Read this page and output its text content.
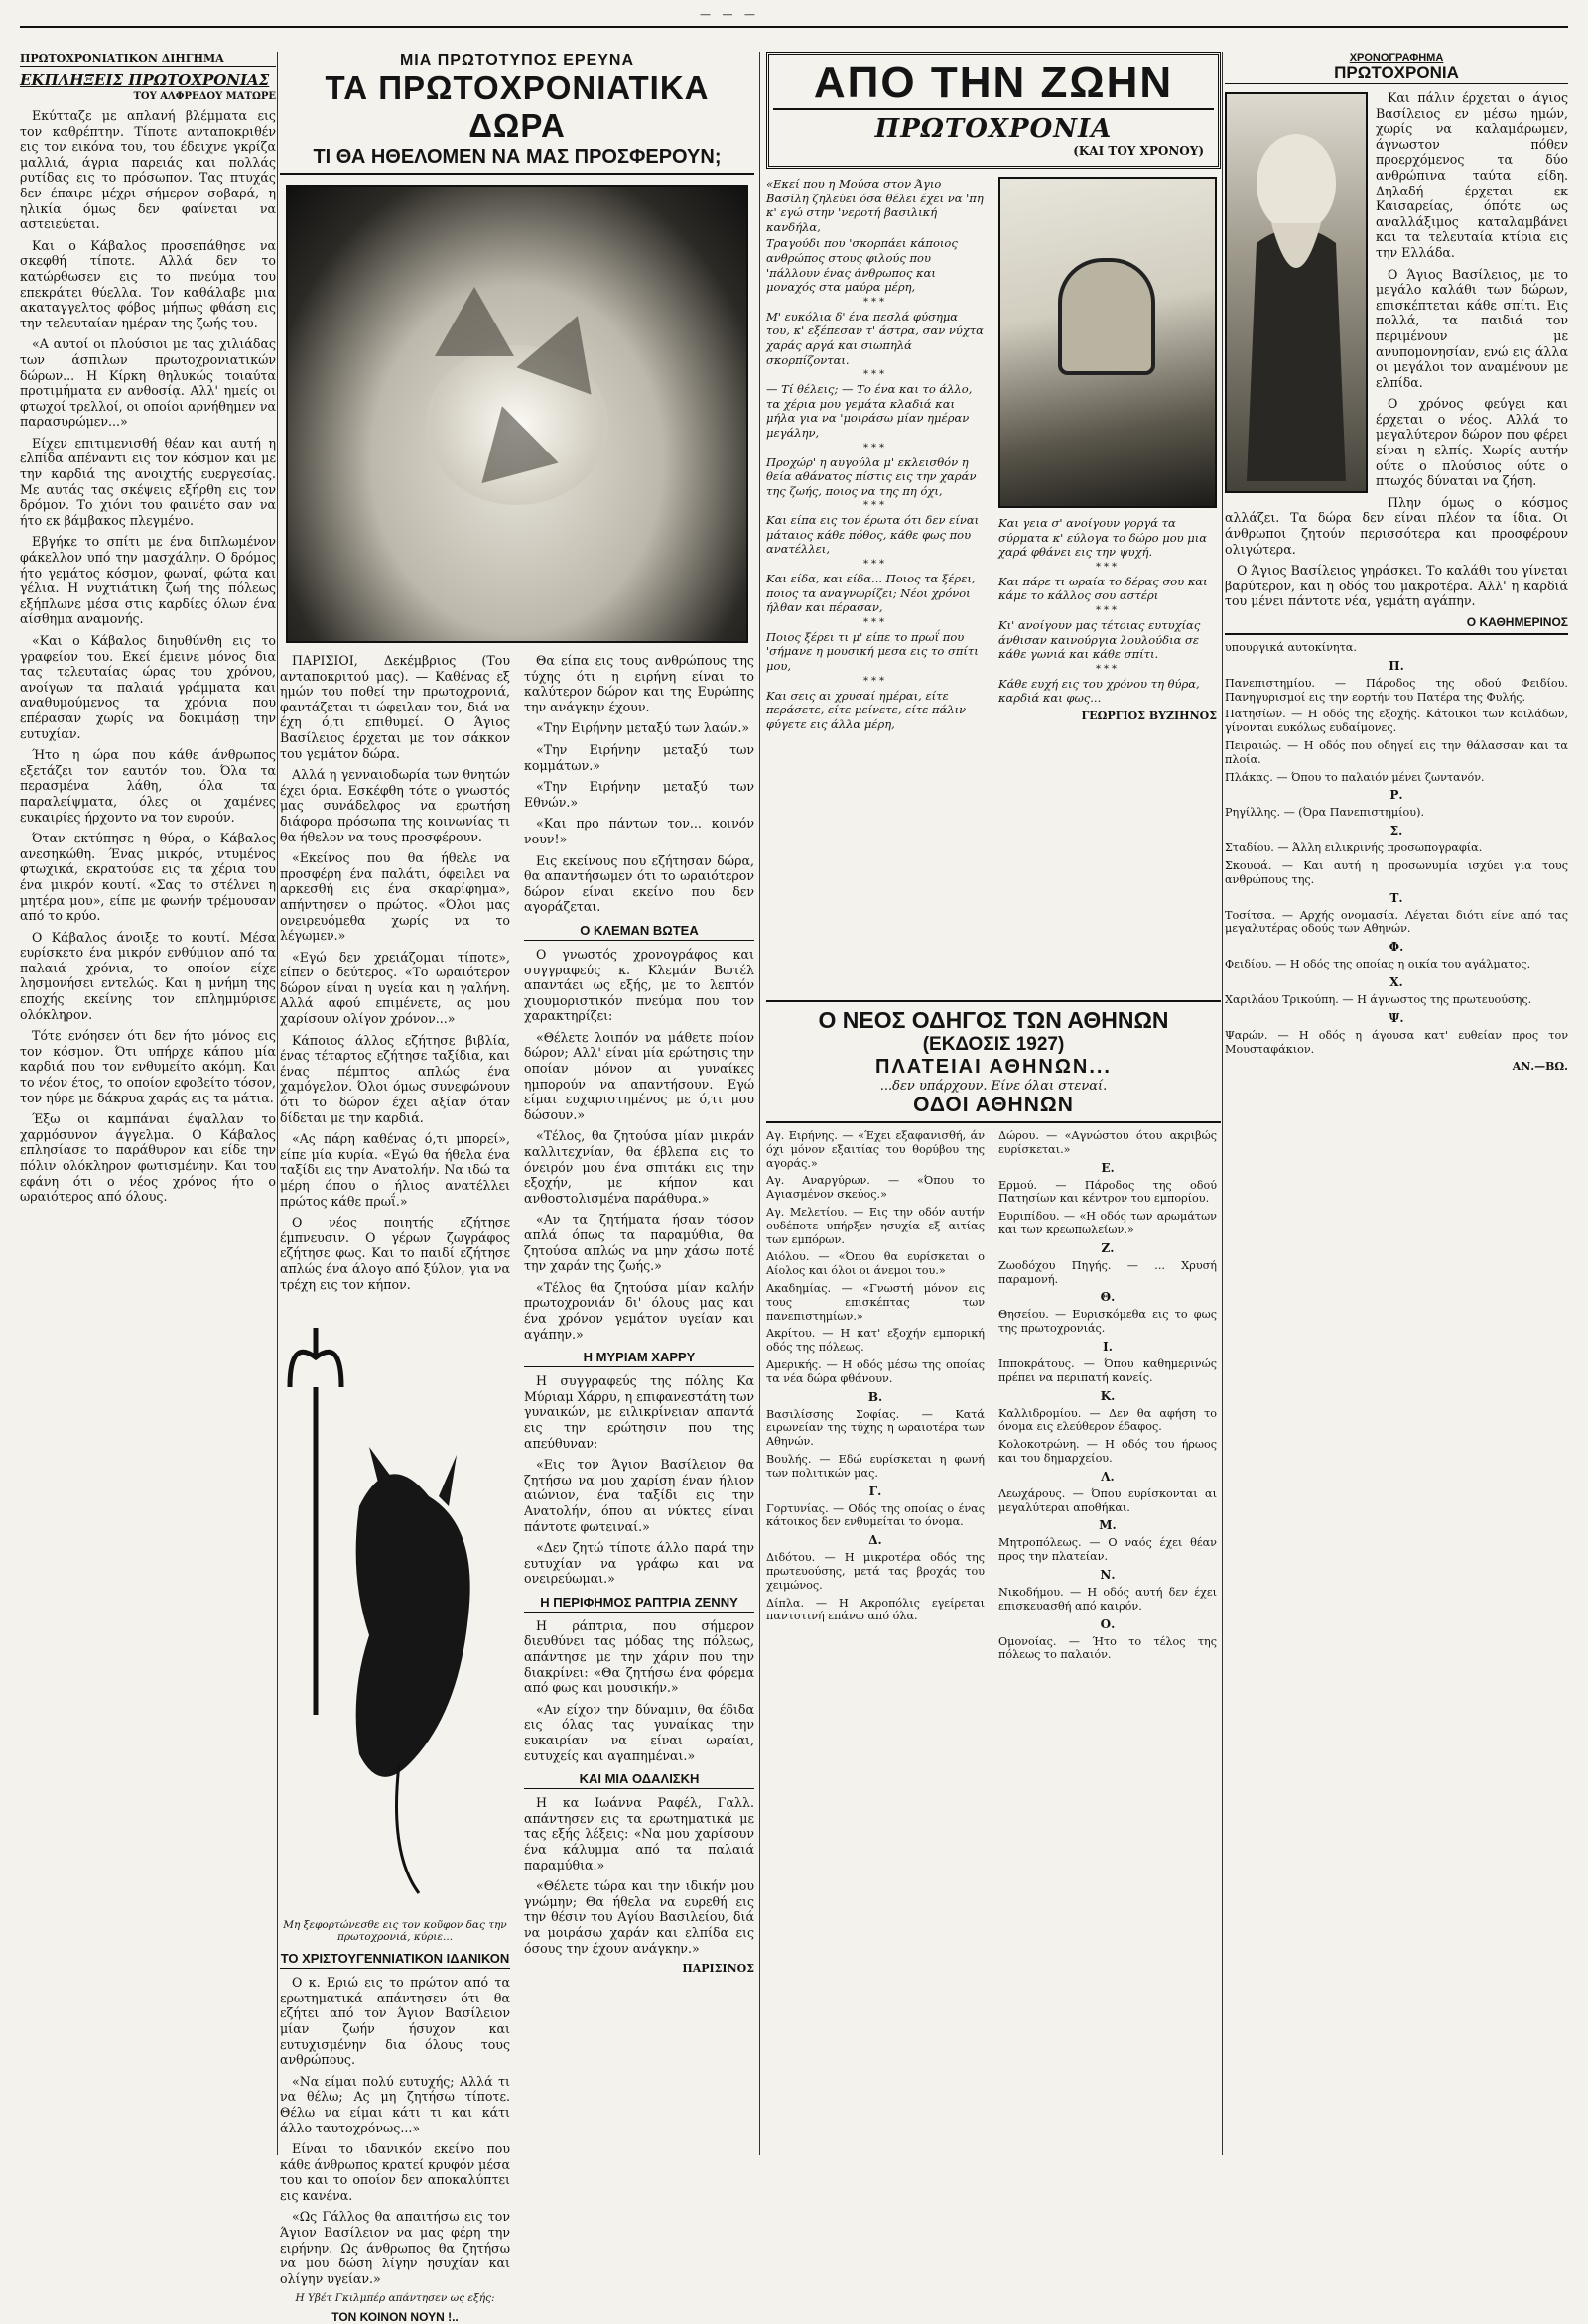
— — —
ΠΡΩΤΟΧΡΟΝΙΑΤΙΚΟΝ ΔΙΗΓΗΜΑ
ΕΚΠΛΗΞΕΙΣ ΠΡΩΤΟΧΡΟΝΙΑΣ
ΤΟΥ ΑΛΦΡΕΔΟΥ ΜΑΤΩΡΕ

Εκύτταζε με απλανή βλέμματα εις τον καθρέπτην. Τίποτε ανταποκριθέν εις τον εικόνα του, του έδειχνε γκρίζα μαλλιά, άγρια παρειάς και πολλάς ρυτίδας εις το πρόσωπον. Τας πτυχάς δεν έπαιρε μέχρι σήμερον σοβαρά, η ηλικία όμως δεν φαίνεται να αστειεύεται.

Και ο Κάβαλος προσεπάθησε να σκεφθή τίποτε. Αλλά δεν το κατώρθωσεν εις το πνεύμα του επεκράτει θύελλα. Τον καθάλαβε μια ακαταγγελτος φόβος μήπως φθάση εις την τελευταίαν ημέραν της ζωής του.

«Α αυτοί οι πλούσιοι με τας χιλιάδας των άσπιλων πρωτοχρονιατικών δώρων... Η Κίρκη θηλυκώς τοιαύτα προτιμήματα εν ανθοσίᾳ. Αλλ' ημείς οι φτωχοί τρελλοί, οι οποίοι αρνήθημεν να παρασυρώμεν...»

Είχεν επιτιμενισθή θέαν και αυτή η ελπίδα απέναντι εις τον κόσμον και με την καρδιά της ανοιχτής ευεργεσίας. Με αυτάς τας σκέψεις εξήρθη εις τον δρόμον. Το χιόνι του φαινέτο σαν να ήτο εκ βάμβακος πλεγμένο.

Εβγήκε το σπίτι με ένα διπλωμένον φάκελλον υπό την μασχάλην. Ο δρόμος ήτο γεμάτος κόσμον, φωναί, φώτα και γέλια. Η νυχτιάτικη ζωή της πόλεως εξήπλωνε μέσα στις καρδίες όλων ένα αίσθημα αναμονής.

«Και ο Κάβαλος διηυθύνθη εις το γραφείον του. Εκεί έμεινε μόνος δια τας τελευταίας ώρας του χρόνου, ανοίγων τα παλαιά γράμματα και αναθυμούμενος τα χρόνια που επέρασαν χωρίς να δοκιμάσῃ την ευτυχίαν.

Ήτο η ώρα που κάθε άνθρωπος εξετάζει τον εαυτόν του. Όλα τα περασμένα λάθη, όλα τα παραλείψματα, όλες οι χαμένες ευκαιρίες ήρχοντο να τον ευρούν.

Όταν εκτύπησε η θύρα, ο Κάβαλος ανεσηκώθη. Ένας μικρός, ντυμένος φτωχικά, εκρατούσε εις τα χέρια του ένα μικρόν κουτί. «Σας το στέλνει η μητέρα μου», είπε με φωνήν τρέμουσαν από το κρύο.

Ο Κάβαλος άνοιξε το κουτί. Μέσα ευρίσκετο ένα μικρόν ενθύμιον από τα παλαιά χρόνια, το οποίον είχε λησμονήσει εντελώς. Και η μνήμη της εποχής εκείνης τον επλημμύρισε ολόκληρον.

Τότε ενόησεν ότι δεν ήτο μόνος εις τον κόσμον. Ότι υπήρχε κάπου μία καρδιά που τον ενθυμείτο ακόμη. Και το νέον έτος, το οποίον εφοβείτο τόσον, τον ηύρε με δάκρυα χαράς εις τα μάτια.

Έξω οι καμπάναι έψαλλαν το χαρμόσυνον άγγελμα. Ο Κάβαλος επλησίασε το παράθυρον και είδε την πόλιν ολόκληρον φωτισμένην. Και του εφάνη ότι ο νέος χρόνος ήτο ο ωραιότερος από όλους.

ΜΙΑ ΠΡΩΤΟΤΥΠΟΣ ΕΡΕΥΝΑ
ΤΑ ΠΡΩΤΟΧΡΟΝΙΑΤΙΚΑ ΔΩΡΑ
ΤΙ ΘΑ ΗΘΕΛΟΜΕΝ ΝΑ ΜΑΣ ΠΡΟΣΦΕΡΟΥΝ;

ΠΑΡΙΣΙΟΙ, Δεκέμβριος (Του ανταποκριτού μας). — Καθένας εξ ημών του ποθεί την πρωτοχρονιά, φαντάζεται τι ώφειλαν τον, διά να έχη ό,τι επιθυμεί. Ο Άγιος Βασίλειος έρχεται με τον σάκκον του γεμάτον δώρα.

Αλλά η γενναιοδωρία των θνητών έχει όρια. Εσκέφθη τότε ο γνωστός μας συνάδελφος να ερωτήση διάφορα πρόσωπα της κοινωνίας τι θα ήθελον να τους προσφέρουν.

«Εκείνος που θα ήθελε να προσφέρη ένα παλάτι, όφειλει να αρκεσθή εις ένα σκαρίφημα», απήντησεν ο πρώτος. «Όλοι μας ονειρευόμεθα χωρίς να το λέγωμεν.»

«Εγώ δεν χρειάζομαι τίποτε», είπεν ο δεύτερος. «Το ωραιότερον δώρον είναι η υγεία και η γαλήνη. Αλλά αφού επιμένετε, ας μου χαρίσουν ολίγον χρόνον...»

Κάποιος άλλος εζήτησε βιβλία, ένας τέταρτος εζήτησε ταξίδια, και ένας πέμπτος απλώς ένα χαμόγελον. Όλοι όμως συνεφώνουν ότι το δώρον έχει αξίαν όταν δίδεται με την καρδιά.

«Ας πάρη καθένας ό,τι μπορεί», είπε μία κυρία. «Εγώ θα ήθελα ένα ταξίδι εις την Ανατολήν. Να ιδώ τα μέρη όπου ο ήλιος ανατέλλει πρώτος κάθε πρωΐ.»

Ο νέος ποιητής εζήτησε έμπνευσιν. Ο γέρων ζωγράφος εζήτησε φως. Και το παιδί εζήτησε απλώς ένα άλογο από ξύλον, για να τρέχη εις τον κήπον.

Μη ξεφορτώνεσθε εις τον κοῦφον δας την πρωτοχρονιά, κύριε...
ΤΟ ΧΡΙΣΤΟΥΓΕΝΝΙΑΤΙΚΟΝ ΙΔΑΝΙΚΟΝ

Ο κ. Εριώ εις το πρώτον από τα ερωτηματικά απάντησεν ότι θα εζήτει από τον Άγιον Βασίλειον μίαν ζωήν ήσυχον και ευτυχισμένην δια όλους τους ανθρώπους.

«Να είμαι πολύ ευτυχής; Αλλά τι να θέλω; Ας μη ζητήσω τίποτε. Θέλω να είμαι κάτι τι και κάτι άλλο ταυτοχρόνως...»

Είναι το ιδανικόν εκείνο που κάθε άνθρωπος κρατεί κρυφόν μέσα του και το οποίον δεν αποκαλύπτει εις κανένα.

«Ως Γάλλος θα απαιτήσω εις τον Άγιον Βασίλειον να μας φέρη την ειρήνην. Ως άνθρωπος θα ζητήσω να μου δώση λίγην ησυχίαν και ολίγην υγείαν.»

Η Υβέτ Γκιλμπέρ απάντησεν ως εξής:
ΤΟΝ ΚΟΙΝΟΝ ΝΟΥΝ !..

Θα είπα εις τους ανθρώπους της τύχης ότι η ειρήνη είναι το καλύτερον δώρον και της Ευρώπης την ανάγκην έχουν.

«Την Ειρήνην μεταξύ των λαών.»

«Την Ειρήνην μεταξύ των κομμάτων.»

«Την Ειρήνην μεταξύ των Εθνών.»

«Και προ πάντων τον... κοινόν νουν!»

Εις εκείνους που εζήτησαν δώρα, θα απαντήσωμεν ότι το ωραιότερον δώρον είναι εκείνο που δεν αγοράζεται.

Ο ΚΛΕΜΑΝ ΒΩΤΕΑ

Ο γνωστός χρονογράφος και συγγραφεύς κ. Κλεμάν Βωτέλ απαντάει ως εξής, με το λεπτόν χιουμοριστικόν πνεύμα που τον χαρακτηρίζει:

«Θέλετε λοιπόν να μάθετε ποίον δώρον; Αλλ' είναι μία ερώτησις την οποίαν μόνον αι γυναίκες ημπορούν να απαντήσουν. Εγώ είμαι ευχαριστημένος με ό,τι μου δώσουν.»

«Τέλος, θα ζητούσα μίαν μικράν καλλιτεχνίαν, θα έβλεπα εις το όνειρόν μου ένα σπιτάκι εις την εξοχήν, με κήπον και ανθοστολισμένα παράθυρα.»

«Αν τα ζητήματα ήσαν τόσον απλά όπως τα παραμύθια, θα ζητούσα απλώς να μην χάσω ποτέ την χαράν της ζωής.»

«Τέλος θα ζητούσα μίαν καλήν πρωτοχρονιάν δι' όλους μας και ένα χρόνον γεμάτον υγείαν και αγάπην.»

Η ΜΥΡΙΑΜ ΧΑΡΡΥ

Η συγγραφεύς της πόλης Κα Μύριαμ Χάρρυ, η επιφανεστάτη των γυναικών, με ειλικρίνειαν απαντά εις την ερώτησιν που της απεύθυναν:

«Εις τον Άγιον Βασίλειον θα ζητήσω να μου χαρίση έναν ήλιον αιώνιον, ένα ταξίδι εις την Ανατολήν, όπου αι νύκτες είναι πάντοτε φωτειναί.»

«Δεν ζητώ τίποτε άλλο παρά την ευτυχίαν να γράφω και να ονειρεύωμαι.»

Η ΠΕΡΙΦΗΜΟΣ ΡΑΠΤΡΙΑ ΖΕΝΝΥ

Η ράπτρια, που σήμερον διευθύνει τας μόδας της πόλεως, απάντησε με την χάριν που την διακρίνει: «Θα ζητήσω ένα φόρεμα από φως και μουσικήν.»

«Αν είχον την δύναμιν, θα έδιδα εις όλας τας γυναίκας την ευκαιρίαν να είναι ωραίαι, ευτυχείς και αγαπημέναι.»

ΚΑΙ ΜΙΑ ΟΔΑΛΙΣΚΗ

Η κα Ιωάννα Ραφέλ, Γαλλ. απάντησεν εις τα ερωτηματικά με τας εξής λέξεις: «Να μου χαρίσουν ένα κάλυμμα από τα παλαιά παραμύθια.»

«Θέλετε τώρα και την ιδικήν μου γνώμην; Θα ήθελα να ευρεθή εις την θέσιν του Αγίου Βασιλείου, διά να μοιράσω χαράν και ελπίδα εις όσους την έχουν ανάγκην.»

ΠΑΡΙΣΙΝΟΣ
ΑΠΟ ΤΗΝ ΖΩΗΝ
ΠΡΩΤΟΧΡΟΝΙΑ
(ΚΑΙ ΤΟΥ ΧΡΟΝΟΥ)

«Εκεί που η Μούσα στον Άγιο Βασίλη ζηλεύει όσα θέλει έχει να 'πη κ' εγώ στην 'νεροτή βασιλική κανδήλα,

Τραγούδι που 'σκορπάει κάποιος ανθρώπος στους φιλούς που 'πάλλουν ένας άνθρωπος και μοναχός στα μαύρα μέρη,

***

Μ' ευκόλια δ' ένα πεσλά φύσημα του, κ' εξέπεσαν τ' άστρα, σαν νύχτα χαράς αργά και σιωπηλά σκορπίζονται.

***

— Τί θέλεις; — Το ένα και το άλλο, τα χέρια μου γεμάτα κλαδιά και μήλα για να 'μοιράσω μίαν ημέραν μεγάλην,

***

Προχώρ' η αυγούλα μ' εκλεισθόν η θεία αθάνατος πίστις εις την χαράν της ζωής, ποιος να της πη όχι,

***

Και είπα εις τον έρωτα ότι δεν είναι μάταιος κάθε πόθος, κάθε φως που ανατέλλει,

***

Και είδα, και είδα... Ποιος τα ξέρει, ποιος τα αναγνωρίζει; Νέοι χρόνοι ήλθαν και πέρασαν,

***

Ποιος ξέρει τι μ' είπε το πρωΐ που 'σήμανε η μουσική μεσα εις το σπίτι μου,

***

Και σεις αι χρυσαί ημέραι, είτε περάσετε, είτε μείνετε, είτε πάλιν φύγετε εις άλλα μέρη,

Και γεια σ' ανοίγουν γοργά τα σύρματα κ' εύλογα το δώρο μου μια χαρά φθάνει εις την ψυχή.

***

Και πάρε τι ωραία το δέρας σου και κάμε το κάλλος σου αστέρι

***

Κι' ανοίγουν μας τέτοιας ευτυχίας άνθισαν καινούργια λουλούδια σε κάθε γωνιά και κάθε σπίτι.

***

Κάθε ευχή εις του χρόνου τη θύρα, καρδιά και φως...

ΓΕΩΡΓΙΟΣ ΒΥΖΙΗΝΟΣ
Ο ΝΕΟΣ ΟΔΗΓΟΣ ΤΩΝ ΑΘΗΝΩΝ
(ΕΚΔΟΣΙΣ 1927)
ΠΛΑΤΕΙΑΙ ΑΘΗΝΩΝ...
...δεν υπάρχουν. Είνε όλαι στεναί.
ΟΔΟΙ ΑΘΗΝΩΝ

Αγ. Ειρήνης. — «Έχει εξαφανισθή, άν όχι μόνον εξαιτίας του θορύβου της αγοράς.»

Αγ. Αναργύρων. — «Όπου το Αγιασμένον σκεύος.»

Αγ. Μελετίου. — Εις την οδόν αυτήν ουδέποτε υπήρξεν ησυχία εξ αιτίας των εμπόρων.

Αιόλου. — «Όπου θα ευρίσκεται ο Αίολος και όλοι οι άνεμοι του.»

Ακαδημίας. — «Γνωστή μόνον εις τους επισκέπτας των πανεπιστημίων.»

Ακρίτου. — Η κατ' εξοχήν εμπορική οδός της πόλεως.

Αμερικής. — Η οδός μέσω της οποίας τα νέα δώρα φθάνουν.

Β.

Βασιλίσσης Σοφίας. — Κατά ειρωνείαν της τύχης η ωραιοτέρα των Αθηνών.

Βουλής. — Εδώ ευρίσκεται η φωνή των πολιτικών μας.

Γ.

Γορτυνίας. — Οδός της οποίας ο ένας κάτοικος δεν ενθυμείται το όνομα.

Δ.

Διδότου. — Η μικροτέρα οδός της πρωτευούσης, μετά τας βροχάς του χειμώνος.

Δίπλα. — Η Ακροπόλις εγείρεται παντοτινή επάνω από όλα.

Δώρου. — «Αγνώστου ότου ακριβώς ευρίσκεται.»

Ε.

Ερμού. — Πάροδος της οδού Πατησίων και κέντρον του εμπορίου.

Ευριπίδου. — «Η οδός των αρωμάτων και των κρεωπωλείων.»

Ζ.

Ζωοδόχου Πηγής. — ... Χρυσή παραμονή.

Θ.

Θησείου. — Ευρισκόμεθα εις το φως της πρωτοχρονιάς.

Ι.

Ιπποκράτους. — Όπου καθημερινώς πρέπει να περιπατή κανείς.

Κ.

Καλλιδρομίου. — Δεν θα αφήση το όνομα εις ελεύθερον έδαφος.

Κολοκοτρώνη. — Η οδός του ήρωος και του δημαρχείου.

Λ.

Λεωχάρους. — Όπου ευρίσκονται αι μεγαλύτεραι αποθήκαι.

Μ.

Μητροπόλεως. — Ο ναός έχει θέαν προς την πλατείαν.

Ν.

Νικοδήμου. — Η οδός αυτή δεν έχει επισκευασθή από καιρόν.

Ο.

Ομονοίας. — Ήτο το τέλος της πόλεως το παλαιόν.

ΧΡΟΝΟΓΡΑΦΗΜΑ
ΠΡΩΤΟΧΡΟΝΙΑ

Και πάλιν έρχεται ο άγιος Βασίλειος εν μέσω ημών, χωρίς να καλαμάρωμεν, άγνωστον πόθεν προερχόμενος τα δύο ανθρώπινα ταύτα είδη. Δηλαδή έρχεται εκ Καισαρείας, όπότε ως αναλλάξιμος καταλαμβάνει και τα τελευταία κτίρια εις την Ελλάδα.

Ο Άγιος Βασίλειος, με το μεγάλο καλάθι των δώρων, επισκέπτεται κάθε σπίτι. Εις πολλά, τα παιδιά τον περιμένουν με ανυπομονησίαν, ενώ εις άλλα οι μεγάλοι τον αναμένουν με ελπίδα.

Ο χρόνος φεύγει και έρχεται ο νέος. Αλλά το μεγαλύτερον δώρον που φέρει είναι η ελπίς. Χωρίς αυτήν ούτε ο πλούσιος ούτε ο πτωχός δύναται να ζήση.

Πλην όμως ο κόσμος αλλάζει. Τα δώρα δεν είναι πλέον τα ίδια. Οι άνθρωποι ζητούν περισσότερα και προσφέρουν ολιγώτερα.

Ο Άγιος Βασίλειος γηράσκει. Το καλάθι του γίνεται βαρύτερον, και η οδός του μακροτέρα. Αλλ' η καρδιά του μένει πάντοτε νέα, γεμάτη αγάπην.

Ο ΚΑΘΗΜΕΡΙΝΟΣ

υπουργικά αυτοκίνητα.

Π.

Πανεπιστημίου. — Πάροδος της οδού Φειδίου. Πανηγυρισμοί εις την εορτήν του Πατέρα της Φυλής.

Πατησίων. — Η οδός της εξοχής. Κάτοικοι των κοιλάδων, γίνονται ευκόλως ευδαίμονες.

Πειραιώς. — Η οδός που οδηγεί εις την θάλασσαν και τα πλοία.

Πλάκας. — Όπου το παλαιόν μένει ζωντανόν.

Ρ.

Ρηγίλλης. — (Όρα Πανεπιστημίου).

Σ.

Σταδίου. — Άλλη ειλικρινής προσωπογραφία.

Σκουφά. — Και αυτή η προσωνυμία ισχύει για τους ανθρώπους της.

Τ.

Τοσίτσα. — Αρχής ονομασία. Λέγεται διότι είνε από τας μεγαλυτέρας οδούς των Αθηνών.

Φ.

Φειδίου. — Η οδός της οποίας η οικία του αγάλματος.

Χ.

Χαριλάου Τρικούπη. — Η άγνωστος της πρωτευούσης.

Ψ.

Ψαρών. — Η οδός η άγουσα κατ' ευθείαν προς τον Μουσταφάκιον.

ΑΝ.—ΒΩ.
